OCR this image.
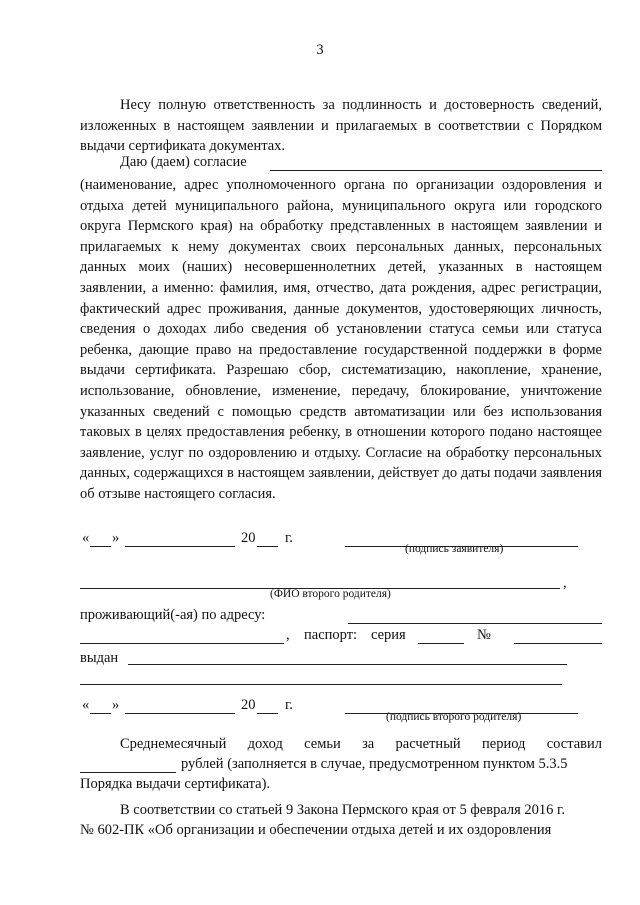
3

Несу полную ответственность за подлинность и достоверность сведений, изложенных в настоящем заявлении и прилагаемых в соответствии с Порядком выдачи сертификата документах.

Даю (даем) согласие

(наименование, адрес уполномоченного органа по организации оздоровления и отдыха детей муниципального района, муниципального округа или городского округа Пермского края) на обработку представленных в настоящем заявлении и прилагаемых к нему документах своих персональных данных, персональных данных моих (наших) несовершеннолетних детей, указанных в настоящем заявлении, а именно: фамилия, имя, отчество, дата рождения, адрес регистрации, фактический адрес проживания, данные документов, удостоверяющих личность, сведения о доходах либо сведения об установлении статуса семьи или статуса ребенка, дающие право на предоставление государственной поддержки в форме выдачи сертификата. Разрешаю сбор, систематизацию, накопление, хранение, использование, обновление, изменение, передачу, блокирование, уничтожение указанных сведений с помощью средств автоматизации или без использования таковых в целях предоставления ребенку, в отношении которого подано настоящее заявление, услуг по оздоровлению и отдыху. Согласие на обработку персональных данных, содержащихся в настоящем заявлении, действует до даты подачи заявления об отзыве настоящего согласия.

« »	20 г.
(подпись заявителя)
,
(ФИО второго родителя)
проживающий(-ая) по адресу:
, паспорт: серия	№
выдан
« »	20 г.
(подпись второго родителя)
Среднемесячный доход семьи за расчетный период составил
рублей (заполняется в случае, предусмотренном пунктом 5.3.5
Порядка выдачи сертификата).
В соответствии со статьей 9 Закона Пермского края от 5 февраля 2016 г.
№ 602-ПК «Об организации и обеспечении отдыха детей и их оздоровления
